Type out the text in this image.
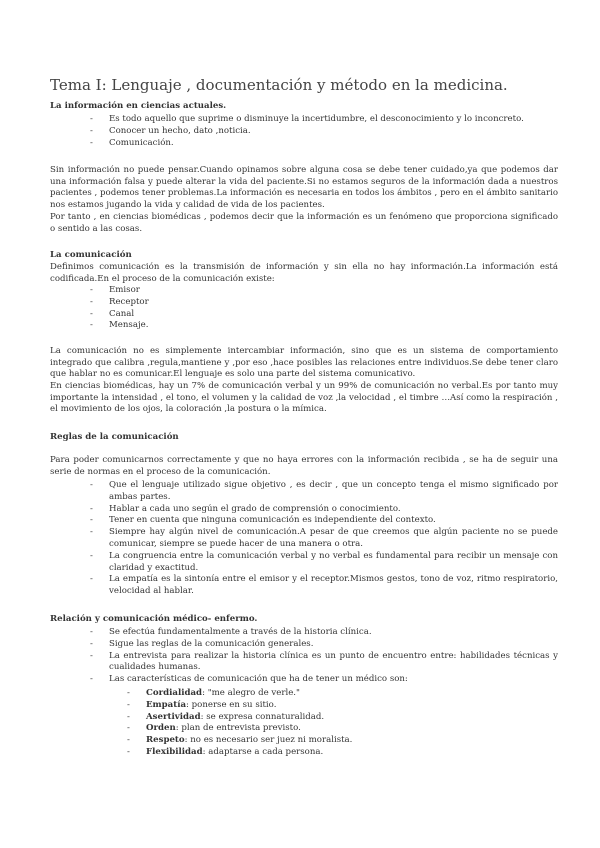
Tema I: Lenguaje , documentación y método en la medicina.
La información en ciencias actuales.
- Es todo aquello que suprime o disminuye la incertidumbre, el desconocimiento y lo inconcreto.
- Conocer un hecho, dato ,noticia.
- Comunicación.
Sin información no puede pensar.Cuando opinamos sobre alguna cosa se debe tener cuidado,ya que podemos dar una información falsa y puede alterar la vida del paciente.Si no estamos seguros de la información dada a nuestros pacientes , podemos tener problemas.La información es necesaria en todos los ámbitos , pero en el ámbito sanitario nos estamos jugando la vida y calidad de vida de los pacientes.
Por tanto , en ciencias biomédicas , podemos decir que la información es un fenómeno que proporciona significado o sentido a las cosas.
La comunicación
Definimos comunicación es la transmisión de información y sin ella no hay información.La información está codificada.En el proceso de la comunicación existe:
- Emisor
- Receptor
- Canal
- Mensaje.
La comunicación no es simplemente intercambiar información, sino que es un sistema de comportamiento integrado que calibra ,regula,mantiene y ,por eso ,hace posibles las relaciones entre individuos.Se debe tener claro que hablar no es comunicar.El lenguaje es solo una parte del sistema comunicativo.
En ciencias biomédicas, hay un 7% de comunicación verbal y un 99% de comunicación no verbal.Es por tanto muy importante la intensidad , el tono, el volumen y la calidad de voz ,la velocidad , el timbre …Así como la respiración , el movimiento de los ojos, la coloración ,la postura o la mímica.
Reglas de la comunicación
Para poder comunicarnos correctamente y que no haya errores con la información recibida , se ha de seguir una serie de normas en el proceso de la comunicación.
- Que el lenguaje utilizado sigue objetivo , es decir , que un concepto tenga el mismo significado por ambas partes.
- Hablar a cada uno según el grado de comprensión o conocimiento.
- Tener en cuenta que ninguna comunicación es independiente del contexto.
- Siempre hay algún nivel de comunicación.A pesar de que creemos que algún paciente no se puede comunicar, siempre se puede hacer de una manera o otra.
- La congruencia entre la comunicación verbal y no verbal es fundamental para recibir un mensaje con claridad y exactitud.
- La empatía es la sintonía entre el emisor y el receptor.Mismos gestos, tono de voz, ritmo respiratorio, velocidad al hablar.
Relación y comunicación médico- enfermo.
- Se efectúa fundamentalmente a través de la historia clínica.
- Sigue las reglas de la comunicación generales.
- La entrevista para realizar la historia clínica es un punto de encuentro entre: habilidades técnicas y cualidades humanas.
- Las características de comunicación que ha de tener un médico son:
- Cordialidad: "me alegro de verle."
- Empatía: ponerse en su sitio.
- Asertividad: se expresa connaturalidad.
- Orden: plan de entrevista previsto.
- Respeto: no es necesario ser juez ni moralista.
- Flexibilidad: adaptarse a cada persona.
